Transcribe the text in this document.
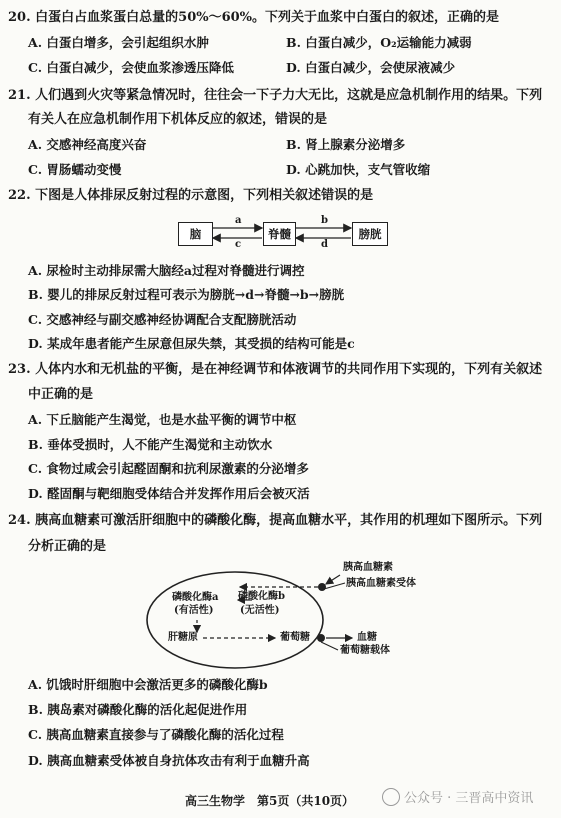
20. 白蛋白占血浆蛋白总量的50%～60%。下列关于血浆中白蛋白的叙述，正确的是
A. 白蛋白增多，会引起组织水肿	B. 白蛋白减少，O₂运输能力减弱
C. 白蛋白减少，会使血浆渗透压降低	D. 白蛋白减少，会使尿液减少
21. 人们遇到火灾等紧急情况时，往往会一下子力大无比，这就是应急机制作用的结果。下列
有关人在应急机制作用下机体反应的叙述，错误的是
A. 交感神经高度兴奋	B. 肾上腺素分泌增多
C. 胃肠蠕动变慢	D. 心跳加快，支气管收缩
22. 下图是人体排尿反射过程的示意图，下列相关叙述错误的是
脑	脊髓	膀胱
a
c
b
d
A. 尿检时主动排尿需大脑经a过程对脊髓进行调控
B. 婴儿的排尿反射过程可表示为膀胱→d→脊髓→b→膀胱
C. 交感神经与副交感神经协调配合支配膀胱活动
D. 某成年患者能产生尿意但尿失禁，其受损的结构可能是c
23. 人体内水和无机盐的平衡，是在神经调节和体液调节的共同作用下实现的，下列有关叙述
中正确的是
A. 下丘脑能产生渴觉，也是水盐平衡的调节中枢
B. 垂体受损时，人不能产生渴觉和主动饮水
C. 食物过咸会引起醛固酮和抗利尿激素的分泌增多
D. 醛固酮与靶细胞受体结合并发挥作用后会被灭活
24. 胰高血糖素可激活肝细胞中的磷酸化酶，提高血糖水平，其作用的机理如下图所示。下列
分析正确的是
胰高血糖素
胰高血糖素受体
磷酸化酶a
(有活性)
磷酸化酶b
(无活性)
肝糖原	葡萄糖	血糖
葡萄糖载体
A. 饥饿时肝细胞中会激活更多的磷酸化酶b
B. 胰岛素对磷酸化酶的活化起促进作用
C. 胰高血糖素直接参与了磷酸化酶的活化过程
D. 胰高血糖素受体被自身抗体攻击有利于血糖升高
高三生物学　第5页（共10页）	公众号 · 三晋高中资讯
